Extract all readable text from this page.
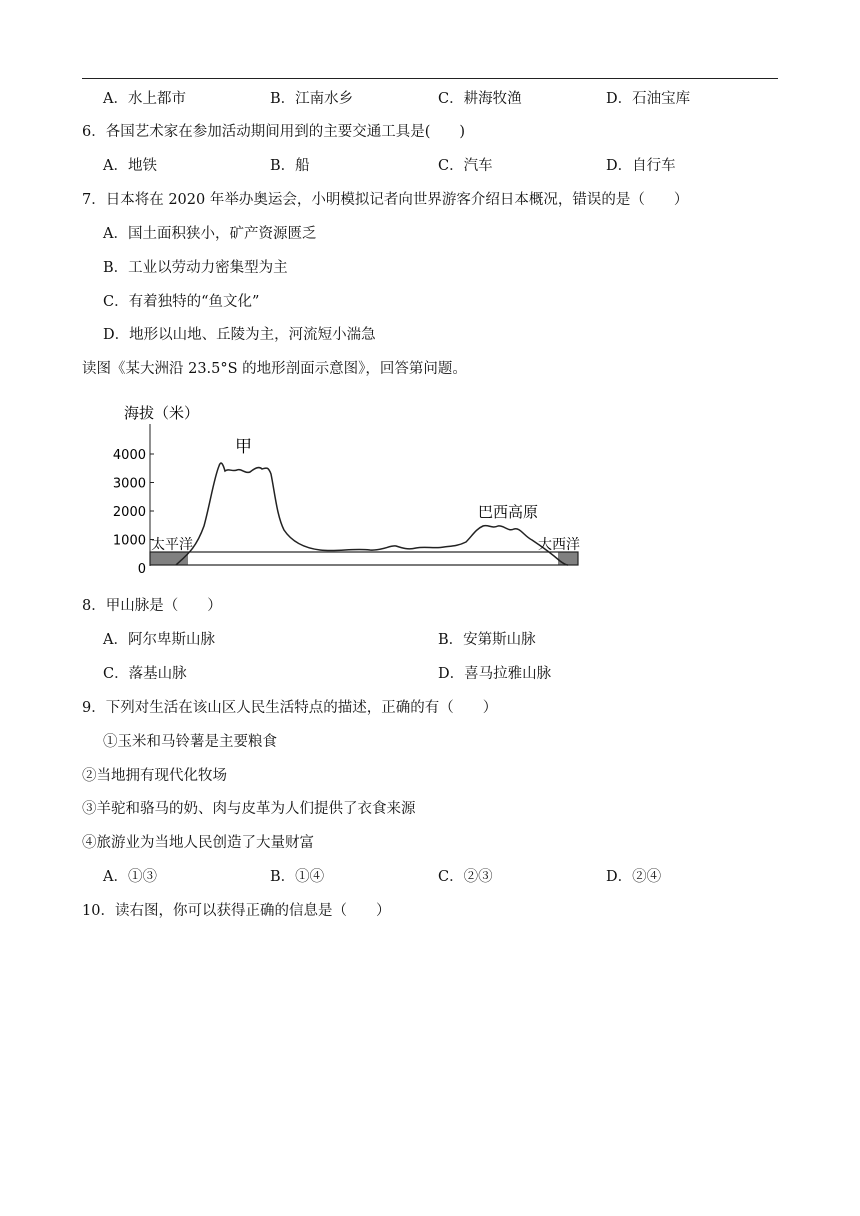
A．水上都市	B．江南水乡	C．耕海牧渔	D．石油宝库
6．各国艺术家在参加活动期间用到的主要交通工具是(　　)
A．地铁	B．船	C．汽车	D．自行车
7．日本将在 2020 年举办奥运会，小明模拟记者向世界游客介绍日本概况，错误的是（　　）
A．国土面积狭小，矿产资源匮乏
B．工业以劳动力密集型为主
C．有着独特的“鱼文化”
D．地形以山地、丘陵为主，河流短小湍急
读图《某大洲沿 23.5°S 的地形剖面示意图》，回答第问题。
海拔（米）
4000
3000
2000
1000
0
甲
巴西高原
太平洋	大西洋
8．甲山脉是（　　）
A．阿尔卑斯山脉	B．安第斯山脉
C．落基山脉	D．喜马拉雅山脉
9．下列对生活在该山区人民生活特点的描述，正确的有（　　）
①玉米和马铃薯是主要粮食
②当地拥有现代化牧场
③羊驼和骆马的奶、肉与皮革为人们提供了衣食来源
④旅游业为当地人民创造了大量财富
A．①③	B．①④	C．②③	D．②④
10．读右图，你可以获得正确的信息是（　　）
